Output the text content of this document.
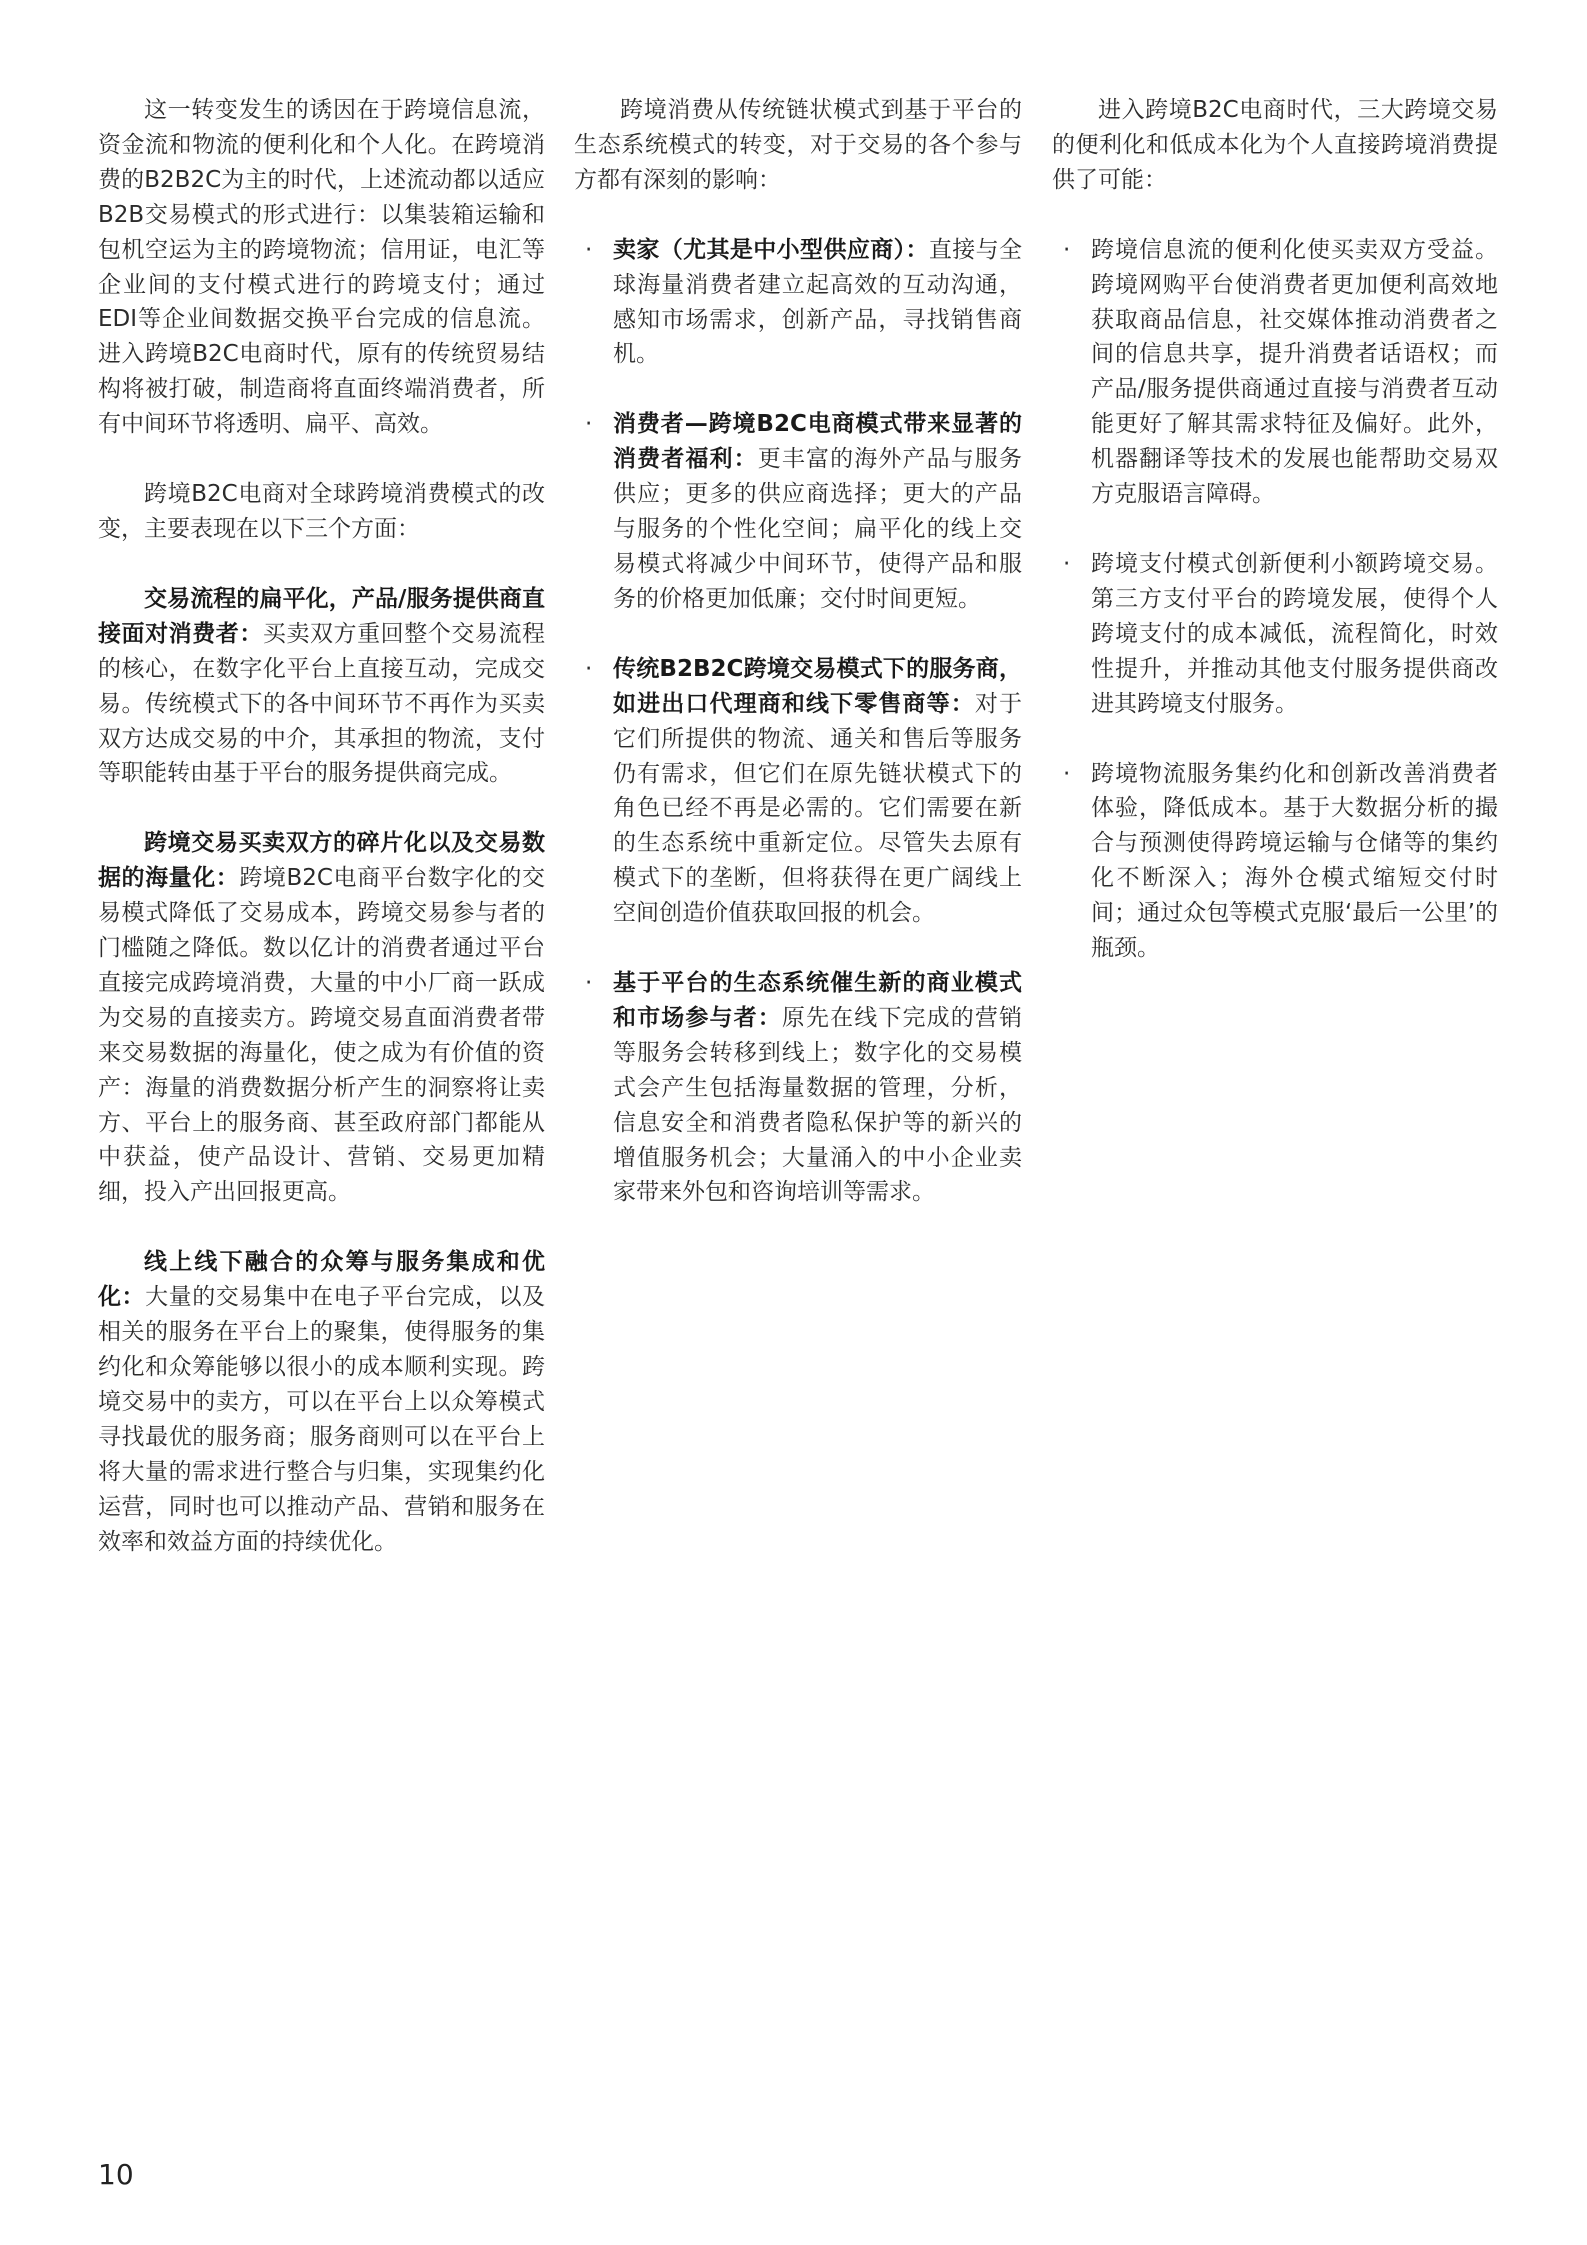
这一转变发生的诱因在于跨境信息流，资金流和物流的便利化和个人化。在跨境消费的B2B2C为主的时代，上述流动都以适应B2B交易模式的形式进行：以集装箱运输和包机空运为主的跨境物流；信用证，电汇等企业间的支付模式进行的跨境支付；通过EDI等企业间数据交换平台完成的信息流。进入跨境B2C电商时代，原有的传统贸易结构将被打破，制造商将直面终端消费者，所有中间环节将透明、扁平、高效。

跨境B2C电商对全球跨境消费模式的改变，主要表现在以下三个方面：

交易流程的扁平化，产品/服务提供商直接面对消费者：买卖双方重回整个交易流程的核心，在数字化平台上直接互动，完成交易。传统模式下的各中间环节不再作为买卖双方达成交易的中介，其承担的物流，支付等职能转由基于平台的服务提供商完成。

跨境交易买卖双方的碎片化以及交易数据的海量化：跨境B2C电商平台数字化的交易模式降低了交易成本，跨境交易参与者的门槛随之降低。数以亿计的消费者通过平台直接完成跨境消费，大量的中小厂商一跃成为交易的直接卖方。跨境交易直面消费者带来交易数据的海量化，使之成为有价值的资产：海量的消费数据分析产生的洞察将让卖方、平台上的服务商、甚至政府部门都能从中获益，使产品设计、营销、交易更加精细，投入产出回报更高。

线上线下融合的众筹与服务集成和优化：大量的交易集中在电子平台完成，以及相关的服务在平台上的聚集，使得服务的集约化和众筹能够以很小的成本顺利实现。跨境交易中的卖方，可以在平台上以众筹模式寻找最优的服务商；服务商则可以在平台上将大量的需求进行整合与归集，实现集约化运营，同时也可以推动产品、营销和服务在效率和效益方面的持续优化。

跨境消费从传统链状模式到基于平台的生态系统模式的转变，对于交易的各个参与方都有深刻的影响：

· 卖家（尤其是中小型供应商）：直接与全球海量消费者建立起高效的互动沟通，感知市场需求，创新产品，寻找销售商机。
· 消费者—跨境B2C电商模式带来显著的消费者福利：更丰富的海外产品与服务供应；更多的供应商选择；更大的产品与服务的个性化空间；扁平化的线上交易模式将减少中间环节，使得产品和服务的价格更加低廉；交付时间更短。
· 传统B2B2C跨境交易模式下的服务商，如进出口代理商和线下零售商等：对于它们所提供的物流、通关和售后等服务仍有需求，但它们在原先链状模式下的角色已经不再是必需的。它们需要在新的生态系统中重新定位。尽管失去原有模式下的垄断，但将获得在更广阔线上空间创造价值获取回报的机会。
· 基于平台的生态系统催生新的商业模式和市场参与者：原先在线下完成的营销等服务会转移到线上；数字化的交易模式会产生包括海量数据的管理，分析，信息安全和消费者隐私保护等的新兴的增值服务机会；大量涌入的中小企业卖家带来外包和咨询培训等需求。

进入跨境B2C电商时代，三大跨境交易的便利化和低成本化为个人直接跨境消费提供了可能：

· 跨境信息流的便利化使买卖双方受益。跨境网购平台使消费者更加便利高效地获取商品信息，社交媒体推动消费者之间的信息共享，提升消费者话语权；而产品/服务提供商通过直接与消费者互动能更好了解其需求特征及偏好。此外，机器翻译等技术的发展也能帮助交易双方克服语言障碍。
· 跨境支付模式创新便利小额跨境交易。第三方支付平台的跨境发展，使得个人跨境支付的成本减低，流程简化，时效性提升，并推动其他支付服务提供商改进其跨境支付服务。
· 跨境物流服务集约化和创新改善消费者体验，降低成本。基于大数据分析的撮合与预测使得跨境运输与仓储等的集约化不断深入；海外仓模式缩短交付时间；通过众包等模式克服‘最后一公里’的瓶颈。
10
